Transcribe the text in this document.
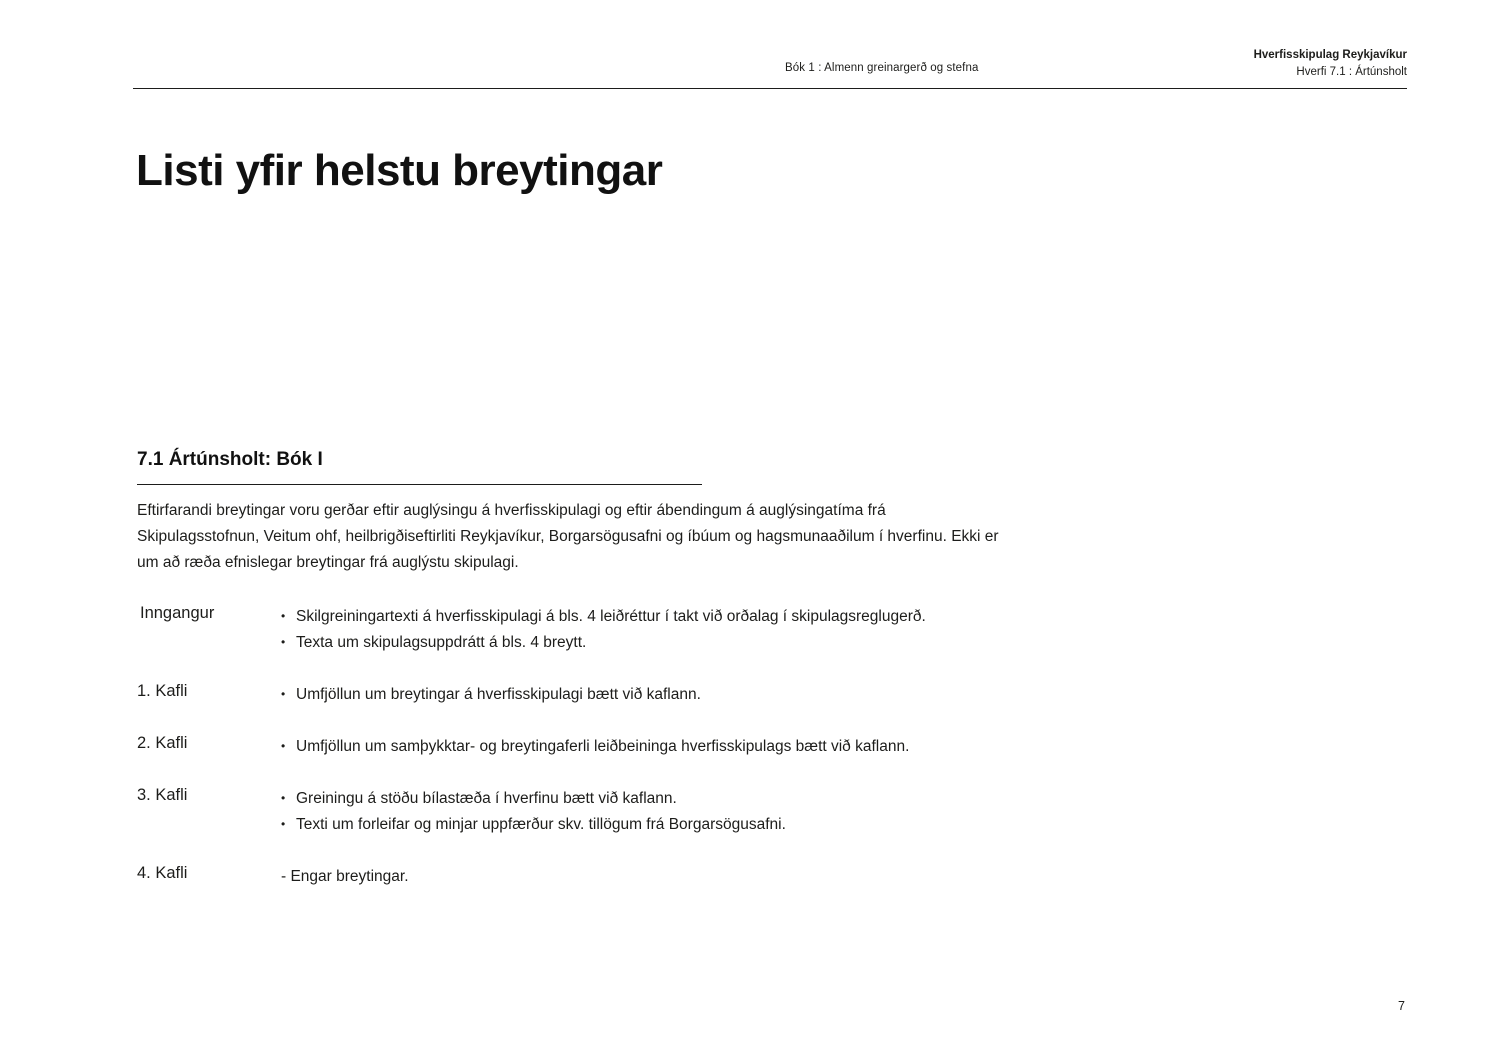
Bók 1 : Almenn greinargerð og stefna
Hverfisskipulag Reykjavíkur
Hverfi 7.1 : Ártúnsholt
Listi yfir helstu breytingar
7.1 Ártúnsholt: Bók I

Eftirfarandi breytingar voru gerðar eftir auglýsingu á hverfisskipulagi og eftir ábendingum á auglýsingatíma frá Skipulagsstofnun, Veitum ohf, heilbrigðiseftirliti Reykjavíkur, Borgarsögusafni og íbúum og hagsmunaaðilum í hverfinu. Ekki er um að ræða efnislegar breytingar frá auglýstu skipulagi.

Inngangur	• Skilgreiningartexti á hverfisskipulagi á bls. 4 leiðréttur í takt við orðalag í skipulagsreglugerð.
• Texta um skipulagsuppdrátt á bls. 4 breytt.
1. Kafli	• Umfjöllun um breytingar á hverfisskipulagi bætt við kaflann.
2. Kafli	• Umfjöllun um samþykktar- og breytingaferli leiðbeininga hverfisskipulags bætt við kaflann.
3. Kafli	• Greiningu á stöðu bílastæða í hverfinu bætt við kaflann.
• Texti um forleifar og minjar uppfærður skv. tillögum frá Borgarsögusafni.
4. Kafli	- Engar breytingar.
7
